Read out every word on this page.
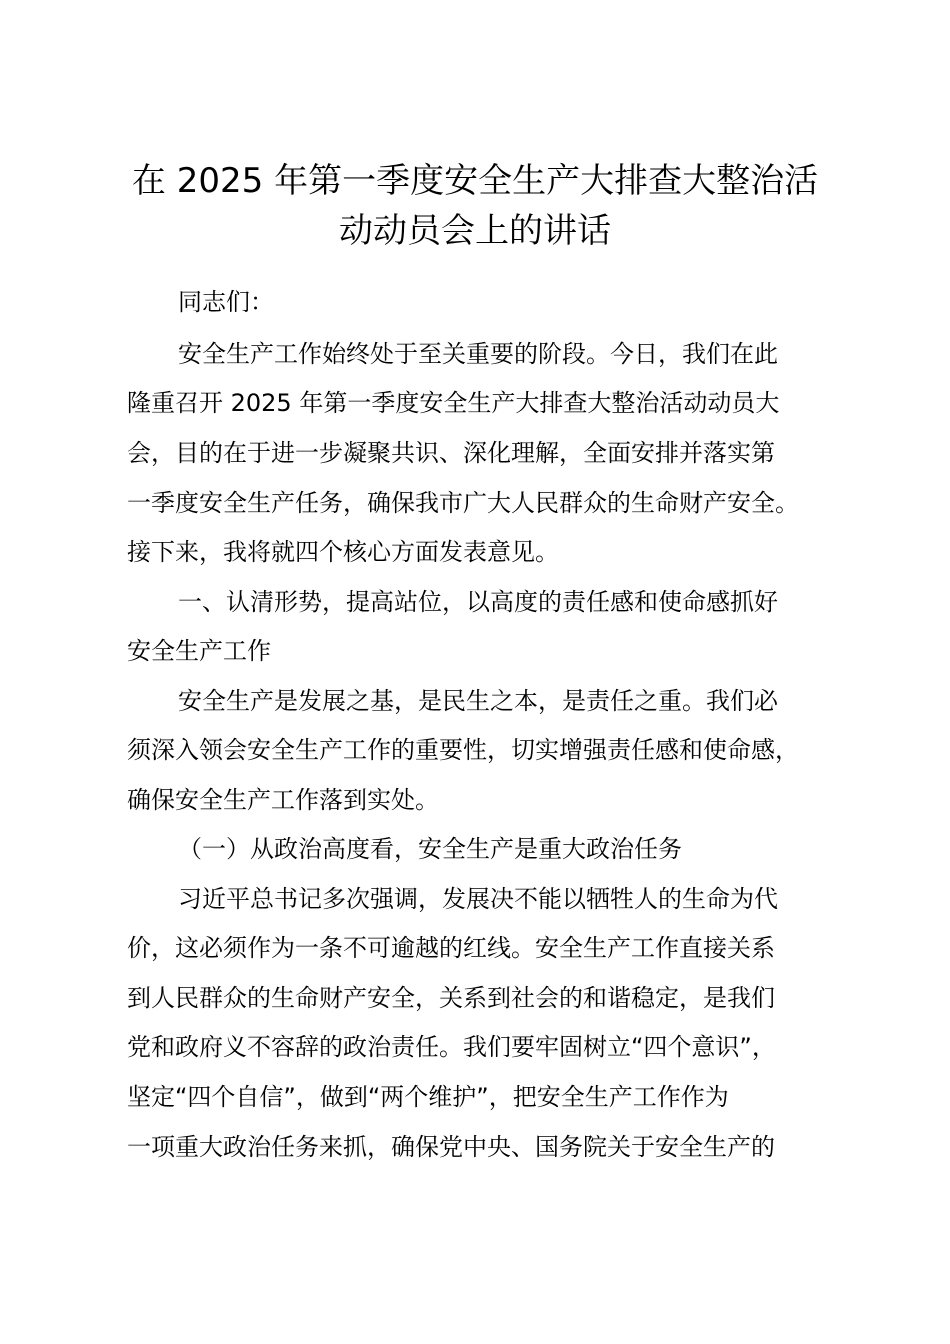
在 2025 年第一季度安全生产大排查大整治活
动动员会上的讲话

同志们：

安全生产工作始终处于至关重要的阶段。今日，我们在此

隆重召开 2025 年第一季度安全生产大排查大整治活动动员大

会，目的在于进一步凝聚共识、深化理解，全面安排并落实第

一季度安全生产任务，确保我市广大人民群众的生命财产安全。

接下来，我将就四个核心方面发表意见。

一、认清形势，提高站位，以高度的责任感和使命感抓好

安全生产工作

安全生产是发展之基，是民生之本，是责任之重。我们必

须深入领会安全生产工作的重要性，切实增强责任感和使命感，

确保安全生产工作落到实处。

（一）从政治高度看，安全生产是重大政治任务

习近平总书记多次强调，发展决不能以牺牲人的生命为代

价，这必须作为一条不可逾越的红线。安全生产工作直接关系

到人民群众的生命财产安全，关系到社会的和谐稳定，是我们

党和政府义不容辞的政治责任。我们要牢固树立“四个意识”，

坚定“四个自信”，做到“两个维护”，把安全生产工作作为

一项重大政治任务来抓，确保党中央、国务院关于安全生产的
